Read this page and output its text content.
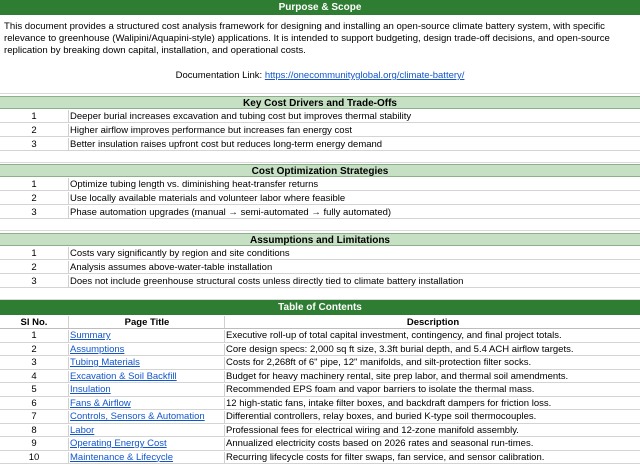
Purpose & Scope
This document provides a structured cost analysis framework for designing and installing an open-source climate battery system, with specific relevance to greenhouse (Walipini/Aquapini-style) applications. It is intended to support budgeting, design trade-off decisions, and open-source replication by breaking down capital, installation, and operational costs.
Documentation Link: https://onecommunityglobal.org/climate-battery/
Key Cost Drivers and Trade-Offs
1	Deeper burial increases excavation and tubing cost but improves thermal stability
2	Higher airflow improves performance but increases fan energy cost
3	Better insulation raises upfront cost but reduces long-term energy demand
Cost Optimization Strategies
1	Optimize tubing length vs. diminishing heat-transfer returns
2	Use locally available materials and volunteer labor where feasible
3	Phase automation upgrades (manual → semi-automated → fully automated)
Assumptions and Limitations
1	Costs vary significantly by region and site conditions
2	Analysis assumes above-water-table installation
3	Does not include greenhouse structural costs unless directly tied to climate battery installation
Table of Contents
Sl No.	Page Title	Description
1	Summary	Executive roll-up of total capital investment, contingency, and final project totals.
2	Assumptions	Core design specs: 2,000 sq ft size, 3.3ft burial depth, and 5.4 ACH airflow targets.
3	Tubing Materials	Costs for 2,268ft of 6" pipe, 12" manifolds, and silt-protection filter socks.
4	Excavation & Soil Backfill	Budget for heavy machinery rental, site prep labor, and thermal soil amendments.
5	Insulation	Recommended EPS foam and vapor barriers to isolate the thermal mass.
6	Fans & Airflow	12 high-static fans, intake filter boxes, and backdraft dampers for friction loss.
7	Controls, Sensors & Automation	Differential controllers, relay boxes, and buried K-type soil thermocouples.
8	Labor	Professional fees for electrical wiring and 12-zone manifold assembly.
9	Operating Energy Cost	Annualized electricity costs based on 2026 rates and seasonal run-times.
10	Maintenance & Lifecycle	Recurring lifecycle costs for filter swaps, fan service, and sensor calibration.
